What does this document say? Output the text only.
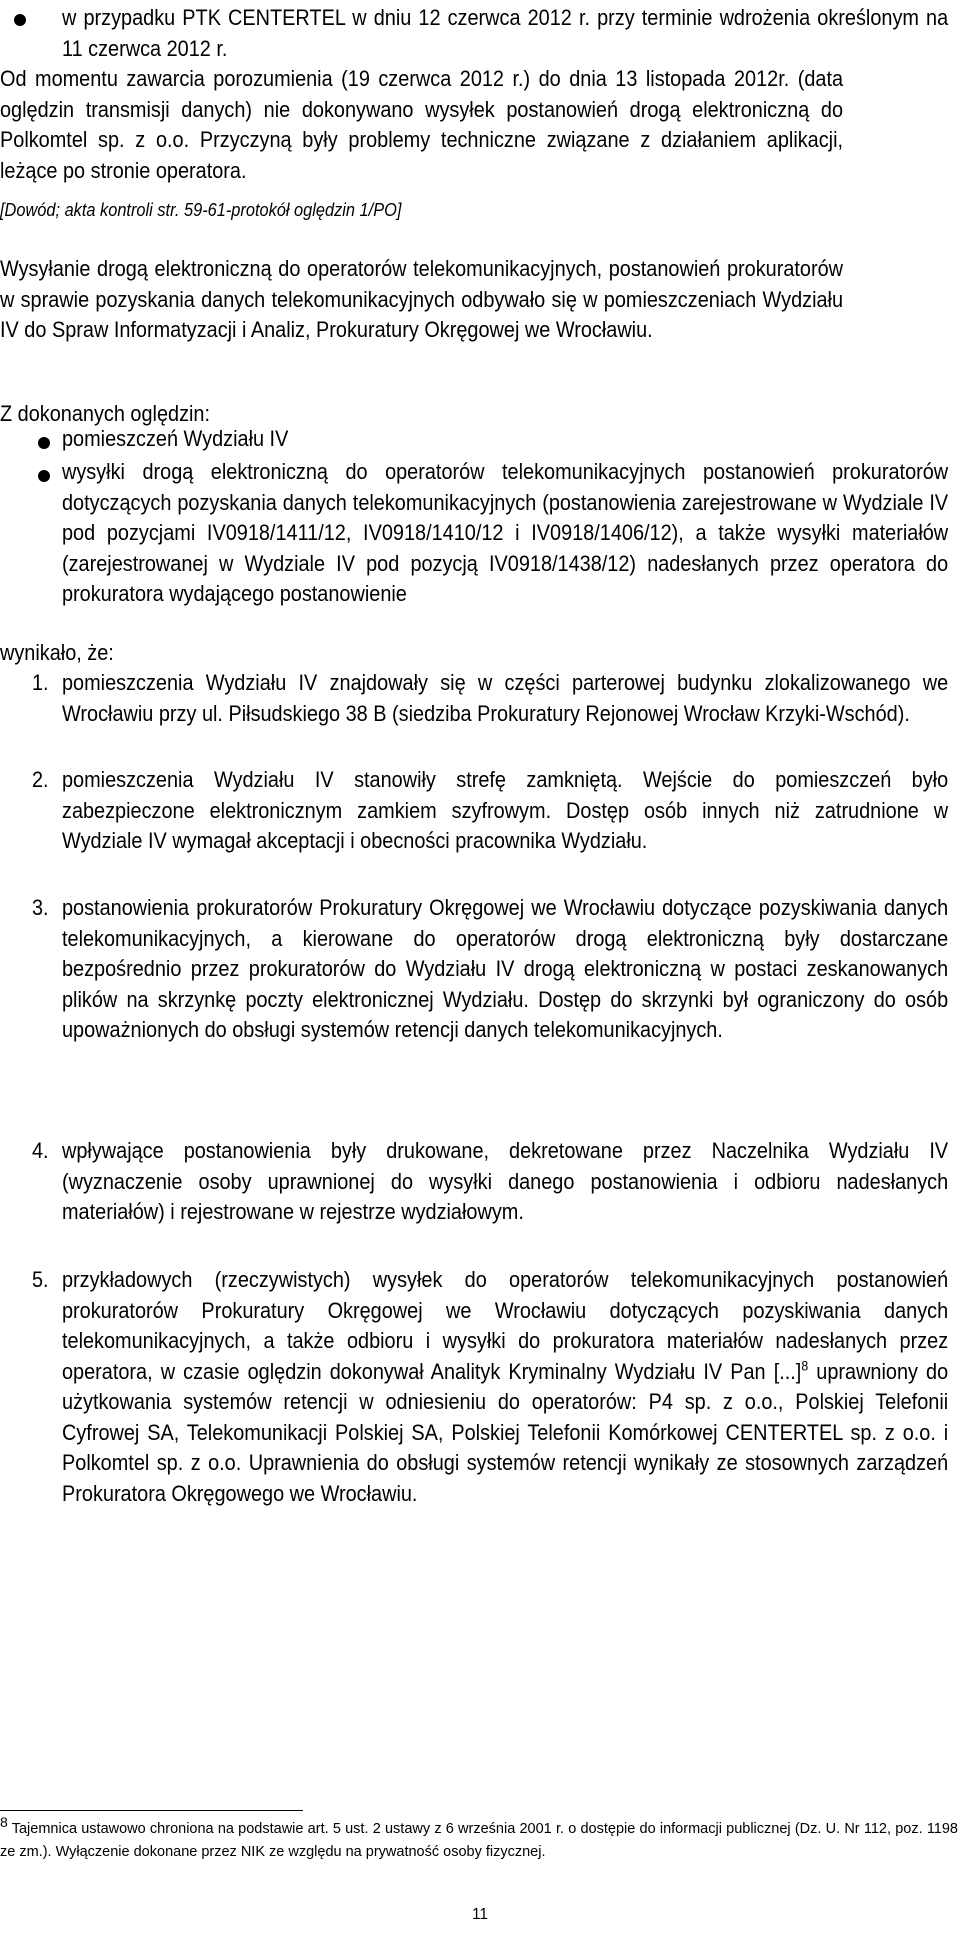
w przypadku PTK CENTERTEL w dniu 12 czerwca 2012 r. przy terminie wdrożenia określonym na 11 czerwca 2012 r.
Od momentu zawarcia porozumienia (19 czerwca 2012 r.) do dnia 13 listopada 2012r. (data oględzin transmisji danych) nie dokonywano wysyłek postanowień drogą elektroniczną do Polkomtel sp. z o.o. Przyczyną były problemy techniczne związane z działaniem aplikacji, leżące po stronie operatora.
[Dowód; akta kontroli str. 59-61-protokół oględzin 1/PO]
Wysyłanie drogą elektroniczną do operatorów telekomunikacyjnych, postanowień prokuratorów w sprawie pozyskania danych telekomunikacyjnych odbywało się w pomieszczeniach Wydziału IV do Spraw Informatyzacji i Analiz, Prokuratury Okręgowej we Wrocławiu.
Z dokonanych oględzin:
pomieszczeń Wydziału IV
wysyłki drogą elektroniczną do operatorów telekomunikacyjnych postanowień prokuratorów dotyczących pozyskania danych telekomunikacyjnych (postanowienia zarejestrowane w Wydziale IV pod pozycjami IV0918/1411/12, IV0918/1410/12 i IV0918/1406/12), a także wysyłki materiałów (zarejestrowanej w Wydziale IV pod pozycją IV0918/1438/12) nadesłanych przez operatora do prokuratora wydającego postanowienie
wynikało, że:
1. pomieszczenia Wydziału IV znajdowały się w części parterowej budynku zlokalizowanego we Wrocławiu przy ul. Piłsudskiego 38 B (siedziba Prokuratury Rejonowej Wrocław Krzyki-Wschód).
2. pomieszczenia Wydziału IV stanowiły strefę zamkniętą. Wejście do pomieszczeń było zabezpieczone elektronicznym zamkiem szyfrowym. Dostęp osób innych niż zatrudnione w Wydziale IV wymagał akceptacji i obecności pracownika Wydziału.
3. postanowienia prokuratorów Prokuratury Okręgowej we Wrocławiu dotyczące pozyskiwania danych telekomunikacyjnych, a kierowane do operatorów drogą elektroniczną były dostarczane bezpośrednio przez prokuratorów do Wydziału IV drogą elektroniczną w postaci zeskanowanych plików na skrzynkę poczty elektronicznej Wydziału. Dostęp do skrzynki był ograniczony do osób upoważnionych do obsługi systemów retencji danych telekomunikacyjnych.
4. wpływające postanowienia były drukowane, dekretowane przez Naczelnika Wydziału IV (wyznaczenie osoby uprawnionej do wysyłki danego postanowienia i odbioru nadesłanych materiałów) i rejestrowane w rejestrze wydziałowym.
5. przykładowych (rzeczywistych) wysyłek do operatorów telekomunikacyjnych postanowień prokuratorów Prokuratury Okręgowej we Wrocławiu dotyczących pozyskiwania danych telekomunikacyjnych, a także odbioru i wysyłki do prokuratora materiałów nadesłanych przez operatora, w czasie oględzin dokonywał Analityk Kryminalny Wydziału IV Pan [...]$^8$ uprawniony do użytkowania systemów retencji w odniesieniu do operatorów: P4 sp. z o.o., Polskiej Telefonii Cyfrowej SA, Telekomunikacji Polskiej SA, Polskiej Telefonii Komórkowej CENTERTEL sp. z o.o. i Polkomtel sp. z o.o. Uprawnienia do obsługi systemów retencji wynikały ze stosownych zarządzeń Prokuratora Okręgowego we Wrocławiu.
$^8$ Tajemnica ustawowo chroniona na podstawie art. 5 ust. 2 ustawy z 6 września 2001 r. o dostępie do informacji publicznej (Dz. U. Nr 112, poz. 1198 ze zm.). Wyłączenie dokonane przez NIK ze względu na prywatność osoby fizycznej.
11
